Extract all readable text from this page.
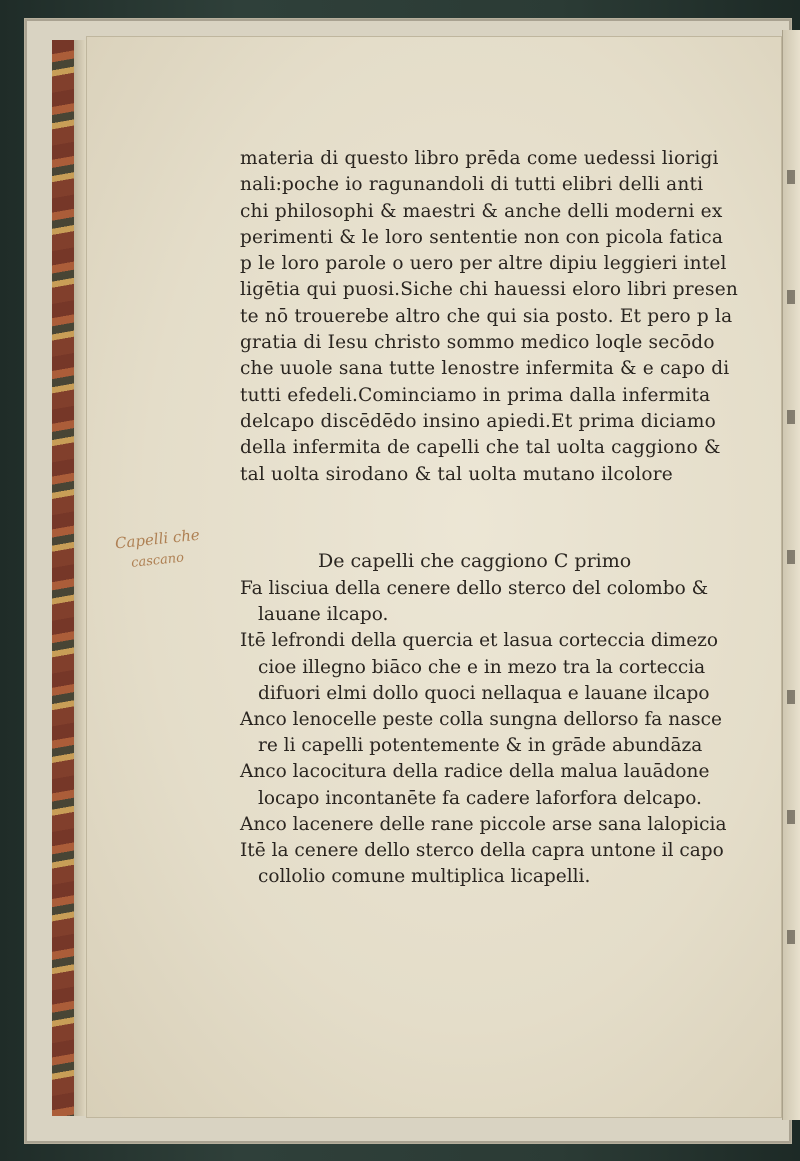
materia di questo libro prēda come uedessi liorigi
nali:poche io ragunandoli di tutti elibri delli anti
chi philosophi & maestri & anche delli moderni ex
perimenti & le loro sententie non con picola fatica
p le loro parole o uero per altre dipiu leggieri intel
ligētia qui puosi.Siche chi hauessi eloro libri presen
te nō trouerebe altro che qui sia posto. Et pero p la
gratia di Iesu christo sommo medico loqle secōdo
che uuole sana tutte lenostre infermita & e capo di
tutti efedeli.Cominciamo in prima dalla infermita
delcapo discēdēdo insino apiedi.Et prima diciamo
della infermita de capelli che tal uolta caggiono &
tal uolta sirodano & tal uolta mutano ilcolore
Capelli che
cascano	De capelli che caggiono C primo
Fa lisciua della cenere dello sterco del colombo &
lauane ilcapo.
Itē lefrondi della quercia et lasua corteccia dimezo
cioe illegno biāco che e in mezo tra la corteccia
difuori elmi dollo quoci nellaqua e lauane ilcapo
Anco lenocelle peste colla sungna dellorso fa nasce
re li capelli potentemente & in grāde abundāza
Anco lacocitura della radice della malua lauādone
locapo incontanēte fa cadere laforfora delcapo.
Anco lacenere delle rane piccole arse sana lalopicia
Itē la cenere dello sterco della capra untone il capo
collolio comune multiplica licapelli.
